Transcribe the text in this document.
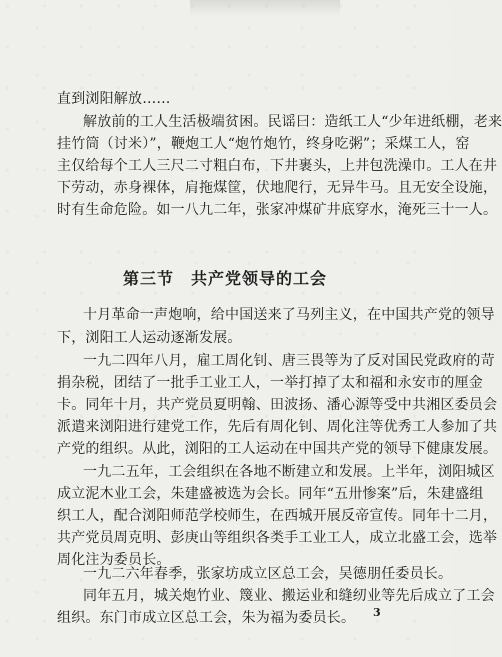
直到浏阳解放……
解放前的工人生活极端贫困。民谣曰：造纸工人“少年进纸棚，老来
挂竹筒（讨米）”，鞭炮工人“炮竹炮竹，终身吃粥”；采煤工人，窑
主仅给每个工人三尺二寸粗白布，下井裹头，上井包洗澡巾。工人在井
下劳动，赤身裸体，肩拖煤筐，伏地爬行，无异牛马。且无安全设施，
时有生命危险。如一八九二年，张家冲煤矿井底穿水，淹死三十一人。
第三节　共产党领导的工会
十月革命一声炮响，给中国送来了马列主义，在中国共产党的领导
下，浏阳工人运动逐渐发展。
一九二四年八月，雇工周化钊、唐三畏等为了反对国民党政府的苛
捐杂税，团结了一批手工业工人，一举打掉了太和福和永安市的厘金
卡。同年十月，共产党员夏明翰、田波扬、潘心源等受中共湘区委员会
派遣来浏阳进行建党工作，先后有周化钊、周化注等优秀工人参加了共
产党的组织。从此，浏阳的工人运动在中国共产党的领导下健康发展。
一九二五年，工会组织在各地不断建立和发展。上半年，浏阳城区
成立泥木业工会，朱建盛被选为会长。同年“五卅惨案”后，朱建盛组
织工人，配合浏阳师范学校师生，在西城开展反帝宣传。同年十二月，
共产党员周克明、彭庚山等组织各类手工业工人，成立北盛工会，选举
周化注为委员长。
一九二六年春季，张家坊成立区总工会，吴德朋任委员长。
同年五月，城关炮竹业、篾业、搬运业和缝纫业等先后成立了工会
组织。东门市成立区总工会，朱为福为委员长。	3
